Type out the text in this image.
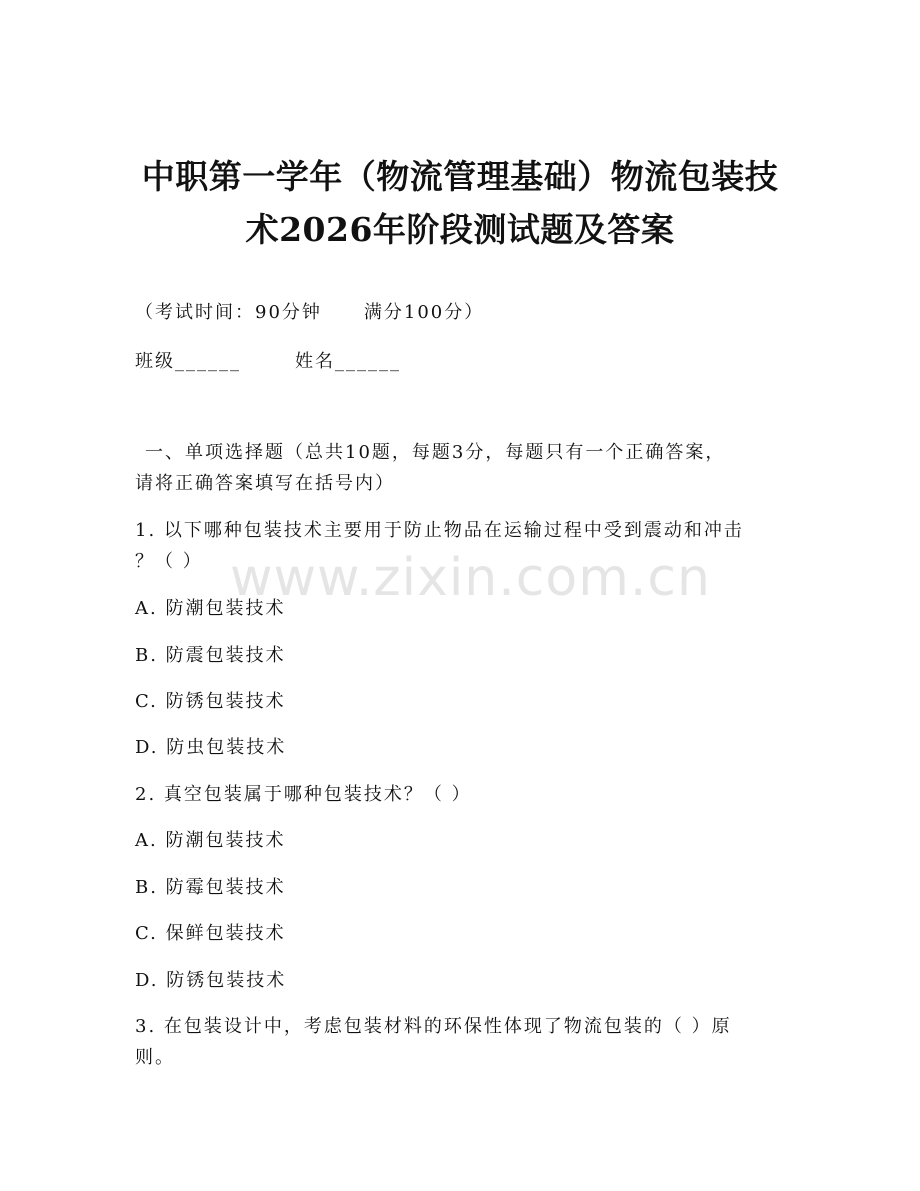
中职第一学年（物流管理基础）物流包装技
术2026年阶段测试题及答案
（考试时间：90分钟 满分100分）
班级______	姓名______
一、单项选择题（总共10题，每题3分，每题只有一个正确答案，
请将正确答案填写在括号内）
1. 以下哪种包装技术主要用于防止物品在运输过程中受到震动和冲击
？（ ）
A. 防潮包装技术
B. 防震包装技术
C. 防锈包装技术
D. 防虫包装技术
2. 真空包装属于哪种包装技术？（ ）
A. 防潮包装技术
B. 防霉包装技术
C. 保鲜包装技术
D. 防锈包装技术
3. 在包装设计中，考虑包装材料的环保性体现了物流包装的（ ）原
则。
www.zixin.com.cn
